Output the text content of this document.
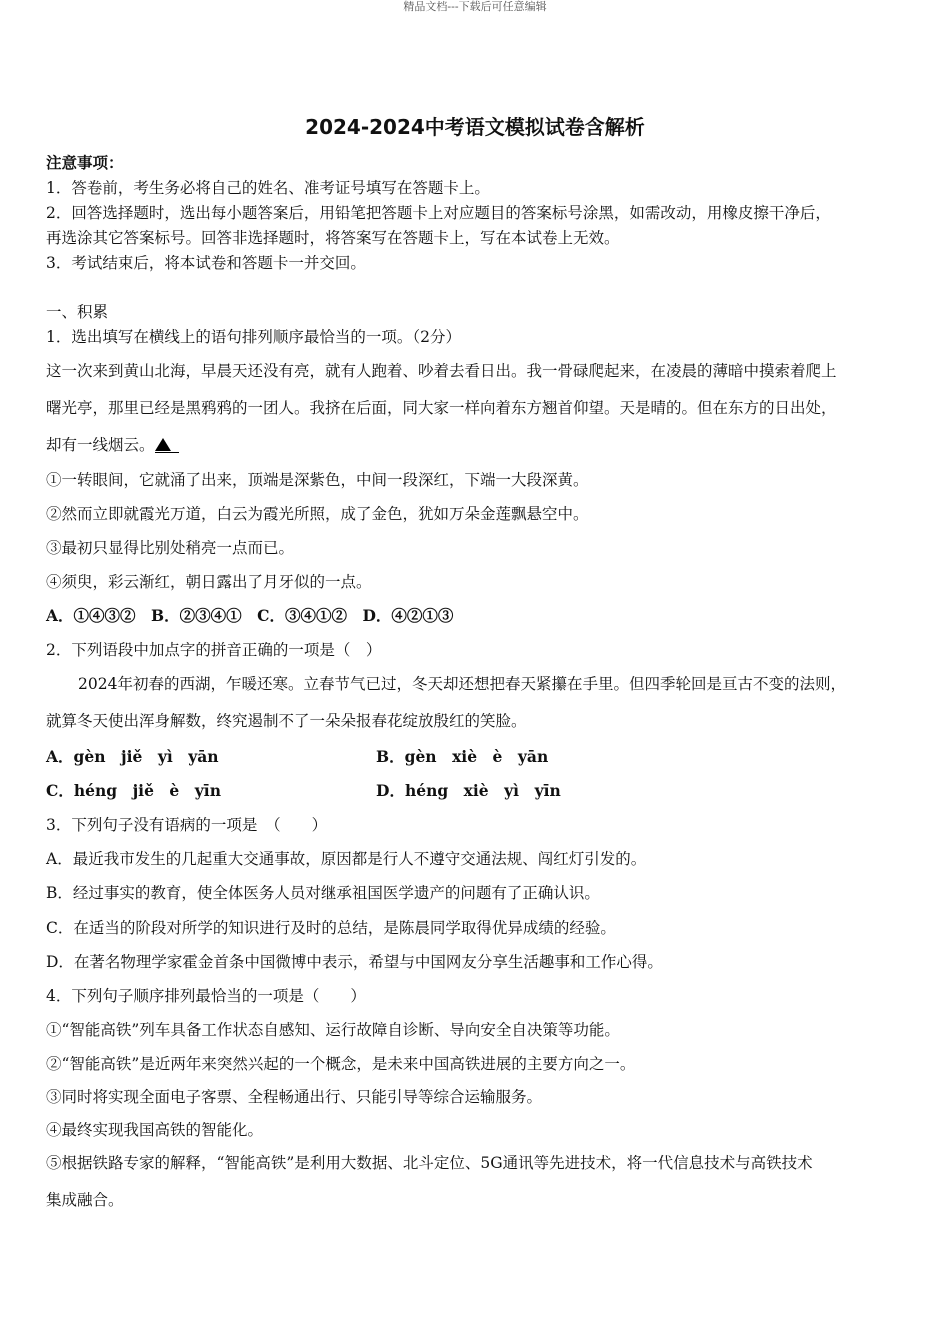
精品文档---下载后可任意编辑
2024-2024中考语文模拟试卷含解析
注意事项：
1．答卷前，考生务必将自己的姓名、准考证号填写在答题卡上。
2．回答选择题时，选出每小题答案后，用铅笔把答题卡上对应题目的答案标号涂黑，如需改动，用橡皮擦干净后，
再选涂其它答案标号。回答非选择题时，将答案写在答题卡上，写在本试卷上无效。
3．考试结束后，将本试卷和答题卡一并交回。
一、积累
1．选出填写在横线上的语句排列顺序最恰当的一项。（2分）
这一次来到黄山北海，早晨天还没有亮，就有人跑着、吵着去看日出。我一骨碌爬起来，在凌晨的薄暗中摸索着爬上
曙光亭，那里已经是黑鸦鸦的一团人。我挤在后面，同大家一样向着东方翘首仰望。天是晴的。但在东方的日出处，
却有一线烟云。
①一转眼间，它就涌了出来，顶端是深紫色，中间一段深红，下端一大段深黄。
②然而立即就霞光万道，白云为霞光所照，成了金色，犹如万朵金莲飘悬空中。
③最初只显得比别处稍亮一点而已。
④须臾，彩云渐红，朝日露出了月牙似的一点。
A．①④③②　B．②③④①　C．③④①②　D．④②①③
2．下列语段中加点字的拼音正确的一项是（　）
2024年初春的西湖，乍暖还寒。立春节气已过，冬天却还想把春天紧攥在手里。但四季轮回是亘古不变的法则，
就算冬天使出浑身解数，终究遏制不了一朵朵报春花绽放殷红的笑脸。
A．gèn　jiě　yì　yān	B．gèn　xiè　è　yān
C．héng　jiě　è　yīn	D．héng　xiè　yì　yīn
3．下列句子没有语病的一项是　（　　）
A．最近我市发生的几起重大交通事故，原因都是行人不遵守交通法规、闯红灯引发的。
B．经过事实的教育，使全体医务人员对继承祖国医学遗产的问题有了正确认识。
C．在适当的阶段对所学的知识进行及时的总结，是陈晨同学取得优异成绩的经验。
D．在著名物理学家霍金首条中国微博中表示，希望与中国网友分享生活趣事和工作心得。
4．下列句子顺序排列最恰当的一项是（　　）
①“智能高铁”列车具备工作状态自感知、运行故障自诊断、导向安全自决策等功能。
②“智能高铁”是近两年来突然兴起的一个概念，是未来中国高铁进展的主要方向之一。
③同时将实现全面电子客票、全程畅通出行、只能引导等综合运输服务。
④最终实现我国高铁的智能化。
⑤根据铁路专家的解释，“智能高铁”是利用大数据、北斗定位、5G通讯等先进技术，将一代信息技术与高铁技术
集成融合。
